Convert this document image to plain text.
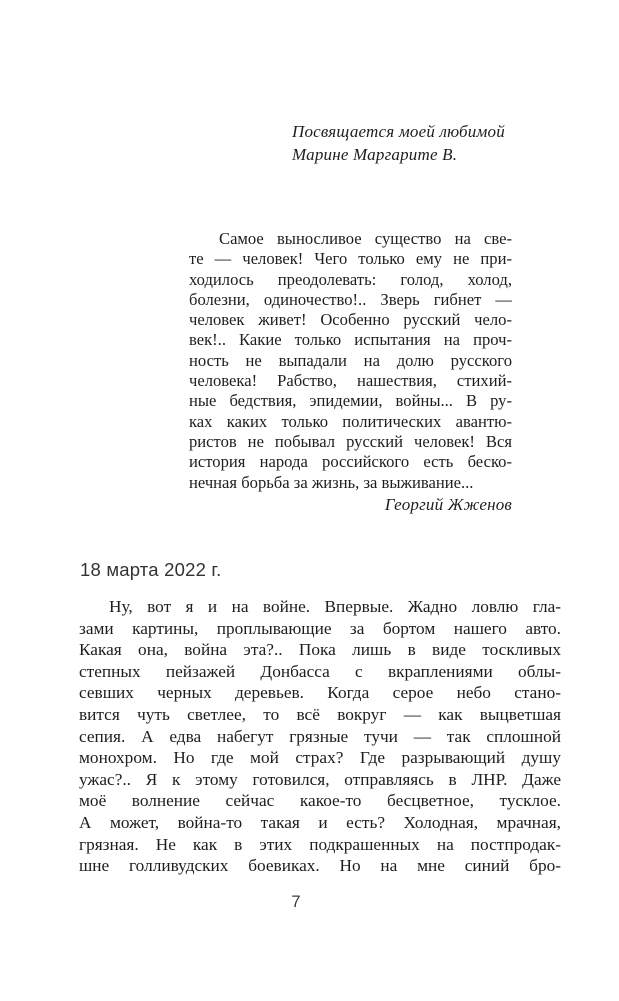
Посвящается моей любимой
Марине Маргарите В.
Самое выносливое существо на све-
те — человек! Чего только ему не при-
ходилось преодолевать: голод, холод,
болезни, одиночество!.. Зверь гибнет —
человек живет! Особенно русский чело-
век!.. Какие только испытания на проч-
ность не выпадали на долю русского
человека! Рабство, нашествия, стихий-
ные бедствия, эпидемии, войны... В ру-
ках каких только политических авантю-
ристов не побывал русский человек! Вся
история народа российского есть беско-
нечная борьба за жизнь, за выживание...
Георгий Жженов
18 марта 2022 г.
Ну, вот я и на войне. Впервые. Жадно ловлю гла-
зами картины, проплывающие за бортом нашего авто.
Какая она, война эта?.. Пока лишь в виде тоскливых
степных пейзажей Донбасса с вкраплениями облы-
севших черных деревьев. Когда серое небо стано-
вится чуть светлее, то всё вокруг — как выцветшая
сепия. А едва набегут грязные тучи — так сплошной
монохром. Но где мой страх? Где разрывающий душу
ужас?.. Я к этому готовился, отправляясь в ЛНР. Даже
моё волнение сейчас какое-то бесцветное, тусклое.
А может, война-то такая и есть? Холодная, мрачная,
грязная. Не как в этих подкрашенных на постпродак-
шне голливудских боевиках. Но на мне синий бро-
7
